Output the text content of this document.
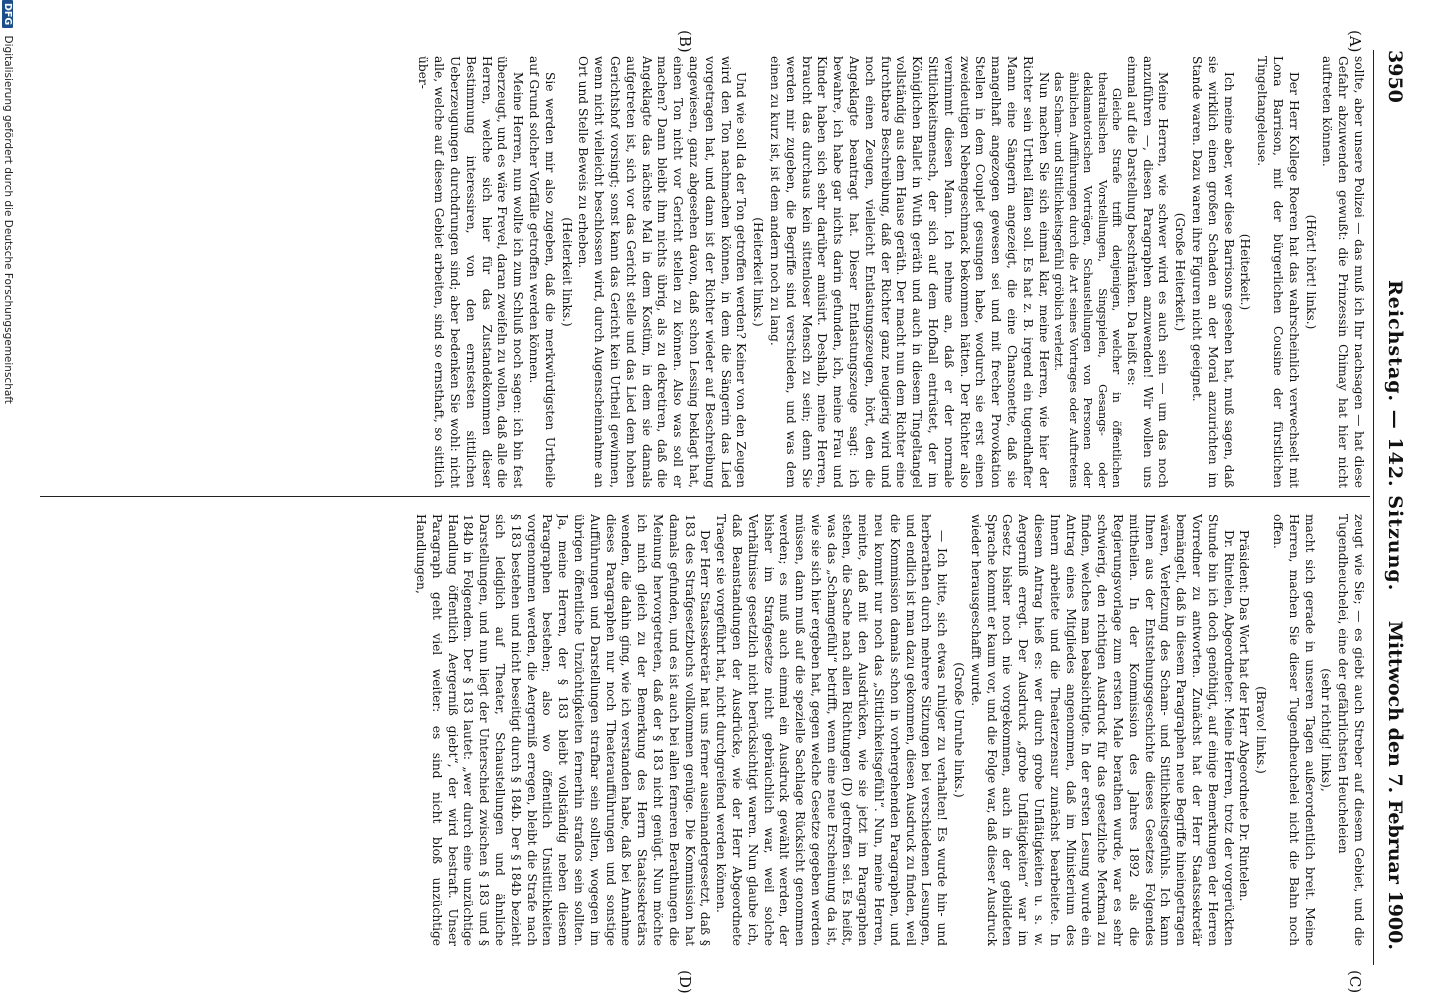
3950
Reichstag. — 142. Sitzung.
Mittwoch den 7. Februar 1900.
(A)
(B)
(C)
(D)

sollte, aber unsere Polizei — das muß ich Ihr nachsagen — hat diese Gefahr abzuwenden gewußt: die Prinzessin Chimay hat hier nicht auftreten können.

(Hört! hört! links.)

Der Herr Kollege Roeren hat das wahrscheinlich verwechselt mit Lona Barrison, mit der bürgerlichen Cousine der fürstlichen Tingeltangeleuse.

(Heiterkeit.)

Ich meine aber, wer diese Barrisons gesehen hat, muß sagen, daß sie wirklich einen großen Schaden an der Moral anzurichten im Stande waren. Dazu waren ihre Figuren nicht geeignet.

(Große Heiterkeit.)

Meine Herren, wie schwer wird es auch sein — um das noch anzuführen —, diesen Paragraphen anzuwenden! Wir wollen uns einmal auf die Darstellung beschränken. Da heißt es:

Gleiche Strafe trifft denjenigen, welcher in öffentlichen theatralischen Vorstellungen, Singspielen, Gesangs- oder deklamatorischen Vorträgen, Schaustellungen von Personen oder ähnlichen Aufführungen durch die Art seines Vortrages oder Auftretens das Scham- und Sittlichkeitsgefühl gröblich verletzt.

Nun machen Sie sich einmal klar, meine Herren, wie hier der Richter sein Urtheil fällen soll. Es hat z. B. irgend ein tugendhafter Mann eine Sängerin angezeigt, die eine Chansonette, daß sie mangelhaft angezogen gewesen sei und mit frecher Provokation Stellen in dem Couplet gesungen habe, wodurch sie erst einen zweideutigen Nebengeschmack bekommen hätten. Der Richter also vernimmt diesen Mann. Ich nehme an, daß er der normale Sittlichkeitsmensch, der sich auf dem Hofball entrüstet, der im Königlichen Ballet in Wuth geräth und auch in diesem Tingeltangel vollständig aus dem Hause geräth. Der macht nun dem Richter eine furchtbare Beschreibung, daß der Richter ganz neugierig wird und noch einen Zeugen, vielleicht Entlastungszeugen, hört, den die Angeklagte beantragt hat. Dieser Entlastungszeuge sagt: ich bewahre, ich habe gar nichts darin gefunden, ich, meine Frau und Kinder haben sich sehr darüber amüsirt. Deshalb, meine Herren, braucht das durchaus kein sittenloser Mensch zu sein; denn Sie werden mir zugeben, die Begriffe sind verschieden, und was dem einen zu kurz ist, ist dem andern noch zu lang.

(Heiterkeit links.)

Und wie soll da der Ton getroffen werden? Keiner von den Zeugen wird den Ton nachmachen können, in dem die Sängerin das Lied vorgetragen hat, und dann ist der Richter wieder auf Beschreibung angewiesen, ganz abgesehen davon, daß schon Lessing beklagt hat, einen Ton nicht vor Gericht stellen zu können. Also was soll er machen? Dann bleibt ihm nichts übrig, als zu dekretiren, daß die Angeklagte das nächste Mal in dem Kostüm, in dem sie damals aufgetreten ist, sich vor das Gericht stelle und das Lied dem hohen Gerichtshof vorsingt; sonst kann das Gericht kein Urtheil gewinnen, wenn nicht vielleicht beschlossen wird, durch Augenscheinnahme an Ort und Stelle Beweis zu erheben.

(Heiterkeit links.)

Sie werden mir also zugeben, daß die merkwürdigsten Urtheile auf Grund solcher Vorfälle getroffen werden können.

Meine Herren, nun wollte ich zum Schluß noch sagen: ich bin fest überzeugt, und es wäre Frevel, daran zweifeln zu wollen, daß alle die Herren, welche sich hier für das Zustandekommen dieser Bestimmung interessiren, von den ernstesten sittlichen Ueberzeugungen durchdrungen sind; aber bedenken Sie wohl: nicht alle, welche auf diesem Gebiet arbeiten, sind so ernsthaft, so sittlich über-

zeugt wie Sie; — es giebt auch Streber auf diesem Gebiet, und die Tugendheuchelei, eine der gefährlichsten Heucheleien

(sehr richtig! links),

macht sich gerade in unseren Tagen außerordentlich breit. Meine Herren, machen Sie dieser Tugendheuchelei nicht die Bahn noch offen.

(Bravo! links.)

Präsident: Das Wort hat der Herr Abgeordnete Dr. Rintelen.

Dr. Rintelen, Abgeordneter: Meine Herren, trotz der vorgerückten Stunde bin ich doch genöthigt, auf einige Bemerkungen der Herren Vorredner zu antworten. Zunächst hat der Herr Staatssekretär bemängelt, daß in diesem Paragraphen neue Begriffe hineingetragen wären, Verletzung des Scham- und Sittlichkeitsgefühls. Ich kann Ihnen aus der Entstehungsgeschichte dieses Gesetzes Folgendes mittheilen. In der Kommission des Jahres 1892 als die Regierungsvorlage zum ersten Male berathen wurde, war es sehr schwierig, den richtigen Ausdruck für das gesetzliche Merkmal zu finden, welches man beabsichtigte. In der ersten Lesung wurde ein Antrag eines Mitgliedes angenommen, daß im Ministerium des Innern arbeitete und die Theaterzensur zunächst bearbeitete. In diesem Antrag hieß es: wer durch grobe Unflätigkeiten u. s. w. Aergerniß erregt. Der Ausdruck „grobe Unflätigkeiten“ war im Gesetz bisher noch nie vorgekommen, auch in der gebildeten Sprache kommt er kaum vor, und die Folge war, daß dieser Ausdruck wieder herausgeschafft wurde.

(Große Unruhe links.)

— Ich bitte, sich etwas ruhiger zu verhalten! Es wurde hin- und herberathen durch mehrere Sitzungen bei verschiedenen Lesungen, und endlich ist man dazu gekommen, diesen Ausdruck zu finden, weil die Kommission damals schon in vorhergehenden Paragraphen, und neu kommt nur noch das „Sittlichkeitsgefühl“. Nun, meine Herren, meinte, daß mit den Ausdrücken, wie sie jetzt im Paragraphen stehen, die Sache nach allen Richtungen (D) getroffen sei. Es heißt, was das „Schamgefühl“ betrifft, wenn eine neue Erscheinung da ist, wie sie sich hier ergeben hat, gegen welche Gesetze gegeben werden müssen, dann muß auf die spezielle Sachlage Rücksicht genommen werden; es muß auch einmal ein Ausdruck gewählt werden, der bisher im Strafgesetze nicht gebräuchlich war, weil solche Verhältnisse gesetzlich nicht berücksichtigt waren. Nun glaube ich, daß Beanstandungen der Ausdrücke, wie der Herr Abgeordnete Traeger sie vorgeführt hat, nicht durchgreifend werden können.

Der Herr Staatssekretär hat uns ferner auseinandergesetzt, daß § 183 des Strafgesetzbuchs vollkommen genüge. Die Kommission hat damals gefunden, und es ist auch bei allen ferneren Berathungen die Meinung hervorgetreten, daß der § 183 nicht genügt. Nun möchte ich mich gleich zu der Bemerkung des Herrn Staatssekretärs wenden, die dahin ging, wie ich verstanden habe, daß bei Annahme dieses Paragraphen nur noch Theateraufführungen und sonstige Aufführungen und Darstellungen strafbar sein sollten, wogegen im übrigen öffentliche Unzüchtigkeiten fernerhin straflos sein sollten. Ja, meine Herren, der § 183 bleibt vollständig neben diesem Paragraphen bestehen; also wo öffentlich Unsittlichkeiten vorgenommen werden, die Aergerniß erregen, bleibt die Strafe nach § 183 bestehen und nicht beseitigt durch § 184b. Der § 184b bezieht sich lediglich auf Theater, Schaustellungen und ähnliche Darstellungen, und nun liegt der Unterschied zwischen § 183 und § 184b in Folgendem. Der § 183 lautet: „wer durch eine unzüchtige Handlung öffentlich Aergerniß giebt“, der wird bestraft. Unser Paragraph geht viel weiter: es sind nicht bloß unzüchtige Handlungen,

DFG Digitalisierung gefördert durch die Deutsche Forschungsgemeinschaft
